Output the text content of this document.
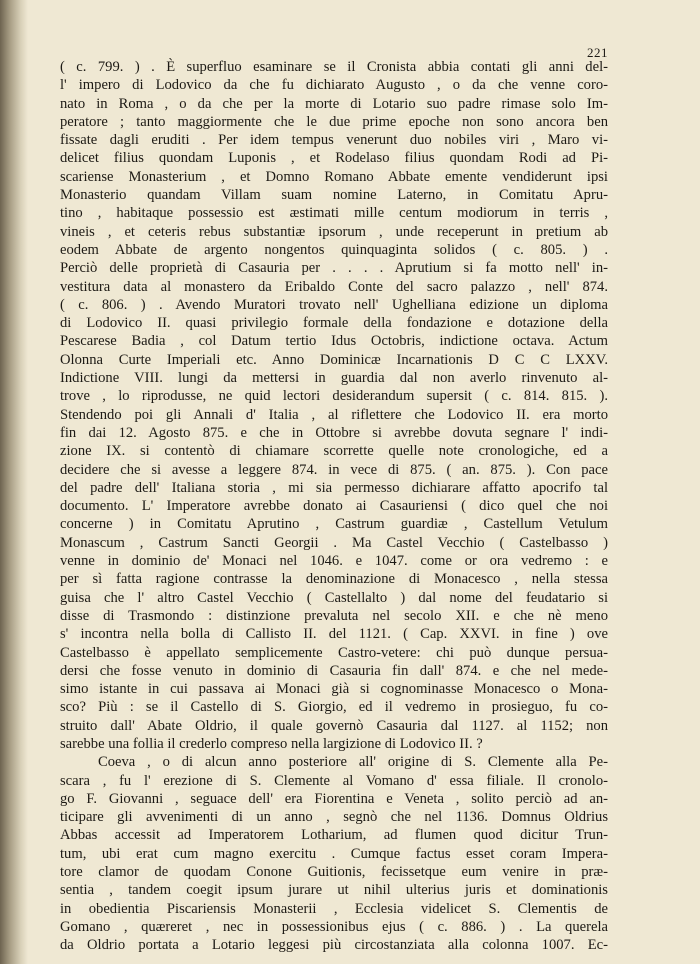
221
( c. 799. ) . È superfluo esaminare se il Cronista abbia contati gli anni del-
l' impero di Lodovico da che fu dichiarato Augusto , o da che venne coro-
nato in Roma , o da che per la morte di Lotario suo padre rimase solo Im-
peratore ; tanto maggiormente che le due prime epoche non sono ancora ben
fissate dagli eruditi . Per idem tempus venerunt duo nobiles viri , Maro vi-
delicet filius quondam Luponis , et Rodelaso filius quondam Rodi ad Pi-
scariense Monasterium , et Domno Romano Abbate emente vendiderunt ipsi
Monasterio quandam Villam suam nomine Laterno, in Comitatu Apru-
tino , habitaque possessio est æstimati mille centum modiorum in terris ,
vineis , et ceteris rebus substantiæ ipsorum , unde receperunt in pretium ab
eodem Abbate de argento nongentos quinquaginta solidos ( c. 805. ) .
Perciò delle proprietà di Casauria per . . . . Aprutium si fa motto nell' in-
vestitura data al monastero da Eribaldo Conte del sacro palazzo , nell' 874.
( c. 806. ) . Avendo Muratori trovato nell' Ughelliana edizione un diploma
di Lodovico II. quasi privilegio formale della fondazione e dotazione della
Pescarese Badia , col Datum tertio Idus Octobris, indictione octava. Actum
Olonna Curte Imperiali etc. Anno Dominicæ Incarnationis D C C LXXV.
Indictione VIII. lungi da mettersi in guardia dal non averlo rinvenuto al-
trove , lo riprodusse, ne quid lectori desiderandum supersit ( c. 814. 815. ).
Stendendo poi gli Annali d' Italia , al riflettere che Lodovico II. era morto
fin dai 12. Agosto 875. e che in Ottobre si avrebbe dovuta segnare l' indi-
zione IX. si contentò di chiamare scorrette quelle note cronologiche, ed a
decidere che si avesse a leggere 874. in vece di 875. ( an. 875. ). Con pace
del padre dell' Italiana storia , mi sia permesso dichiarare affatto apocrifo tal
documento. L' Imperatore avrebbe donato ai Casauriensi ( dico quel che noi
concerne ) in Comitatu Aprutino , Castrum guardiæ , Castellum Vetulum
Monascum , Castrum Sancti Georgii . Ma Castel Vecchio ( Castelbasso )
venne in dominio de' Monaci nel 1046. e 1047. come or ora vedremo : e
per sì fatta ragione contrasse la denominazione di Monacesco , nella stessa
guisa che l' altro Castel Vecchio ( Castellalto ) dal nome del feudatario si
disse di Trasmondo : distinzione prevaluta nel secolo XII. e che nè meno
s' incontra nella bolla di Callisto II. del 1121. ( Cap. XXVI. in fine ) ove
Castelbasso è appellato semplicemente Castro-vetere: chi può dunque persua-
dersi che fosse venuto in dominio di Casauria fin dall' 874. e che nel mede-
simo istante in cui passava ai Monaci già si cognominasse Monacesco o Mona-
sco? Più : se il Castello di S. Giorgio, ed il vedremo in prosieguo, fu co-
struito dall' Abate Oldrio, il quale governò Casauria dal 1127. al 1152; non
sarebbe una follia il crederlo compreso nella largizione di Lodovico II. ?
Coeva , o di alcun anno posteriore all' origine di S. Clemente alla Pe-
scara , fu l' erezione di S. Clemente al Vomano d' essa filiale. Il cronolo-
go F. Giovanni , seguace dell' era Fiorentina e Veneta , solito perciò ad an-
ticipare gli avvenimenti di un anno , segnò che nel 1136. Domnus Oldrius
Abbas accessit ad Imperatorem Lotharium, ad flumen quod dicitur Trun-
tum, ubi erat cum magno exercitu . Cumque factus esset coram Impera-
tore clamor de quodam Conone Guitionis, fecissetque eum venire in præ-
sentia , tandem coegit ipsum jurare ut nihil ulterius juris et dominationis
in obedientia Piscariensis Monasterii , Ecclesia videlicet S. Clementis de
Gomano , quæreret , nec in possessionibus ejus ( c. 886. ) . La querela
da Oldrio portata a Lotario leggesi più circostanziata alla colonna 1007. Ec-
